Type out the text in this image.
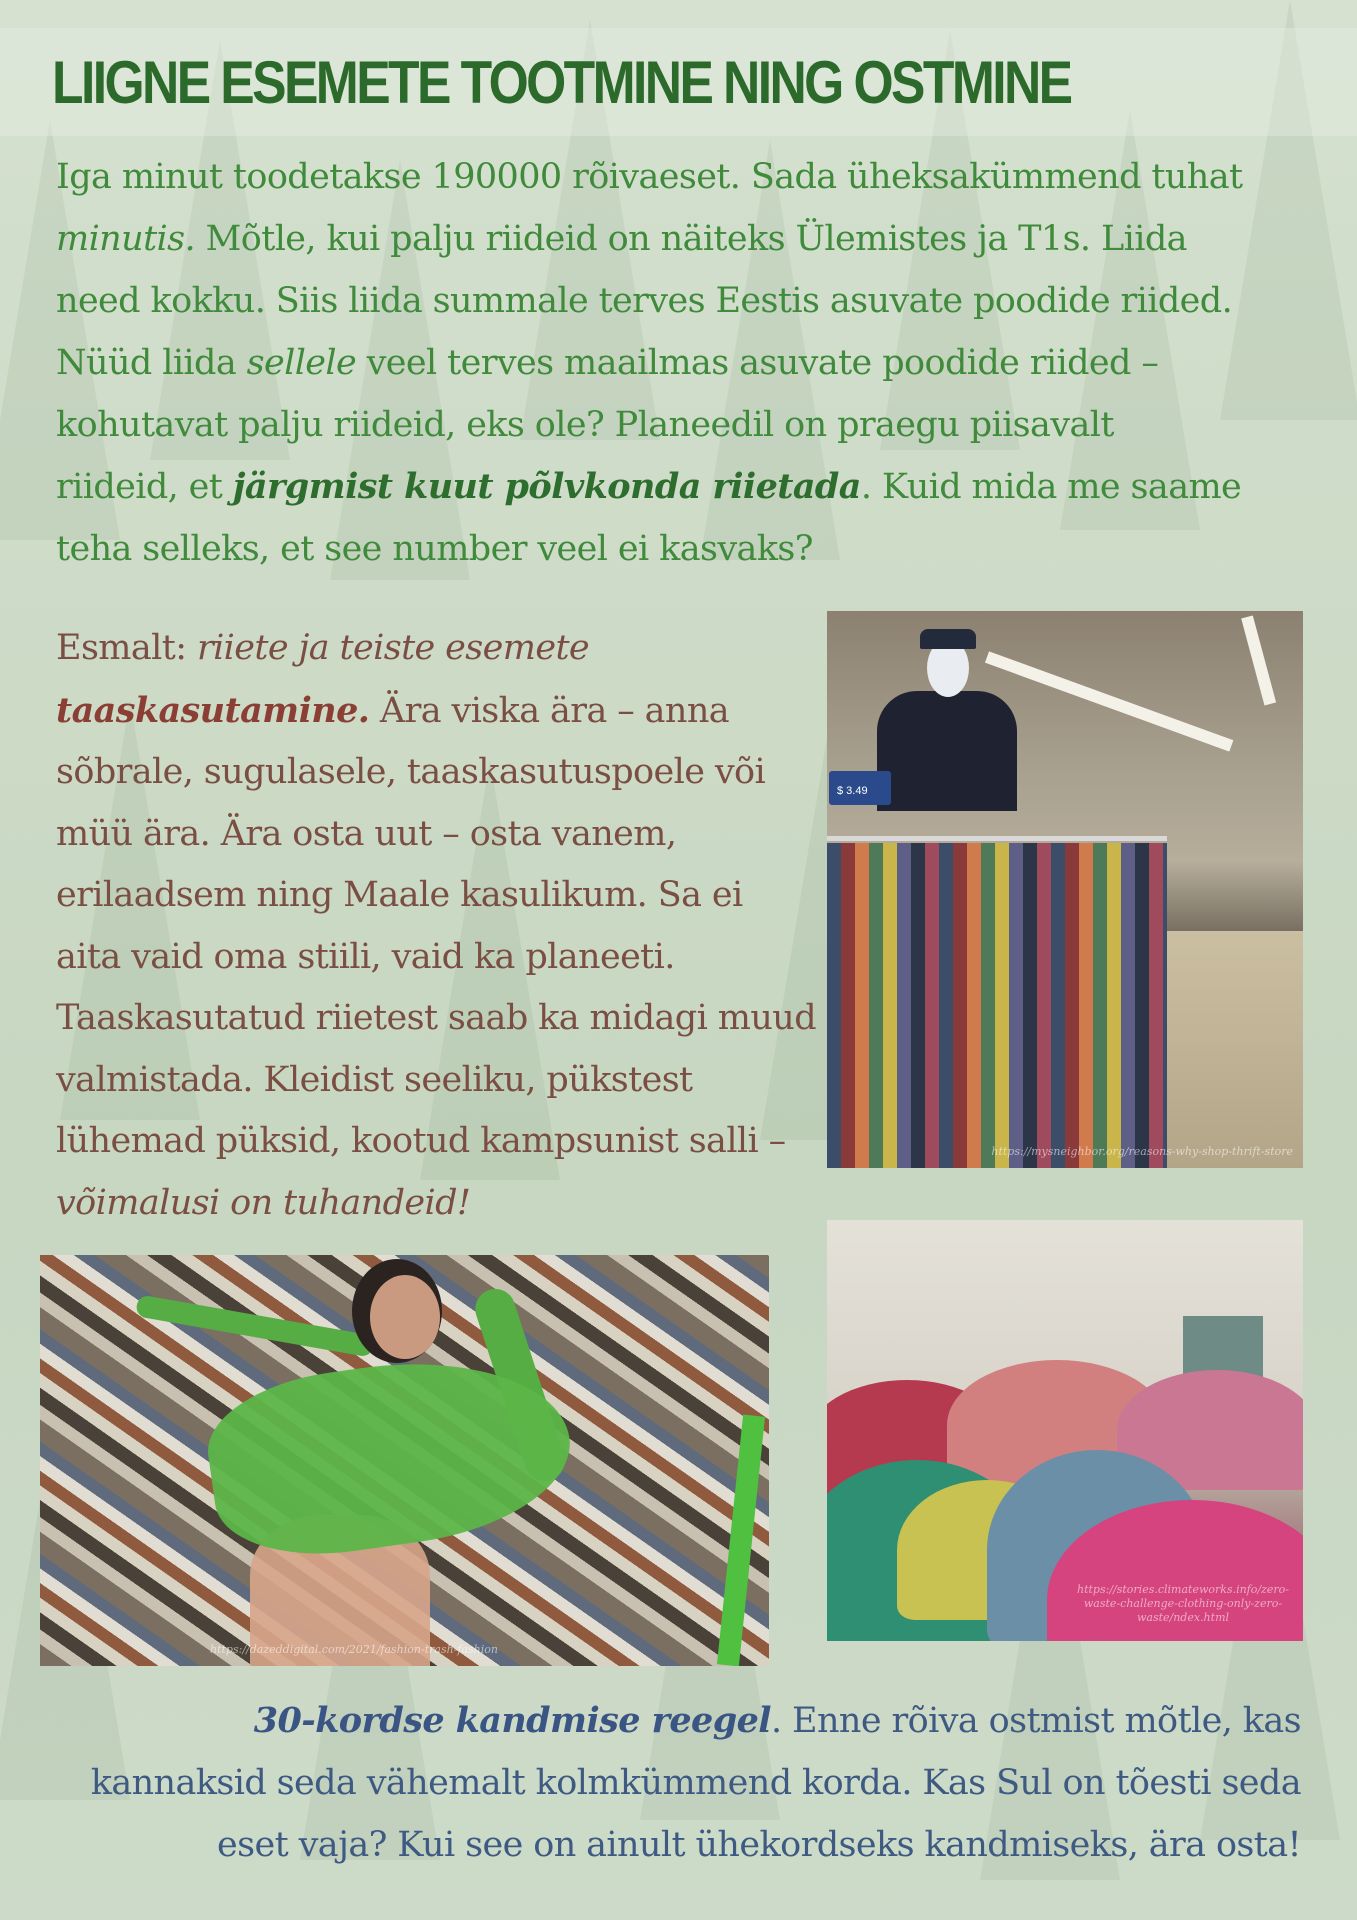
LIIGNE ESEMETE TOOTMINE NING OSTMINE

Iga minut toodetakse 190000 rõivaeset. Sada üheksakümmend tuhat minutis. Mõtle, kui palju riideid on näiteks Ülemistes ja T1s. Liida need kokku. Siis liida summale terves Eestis asuvate poodide riided. Nüüd liida sellele veel terves maailmas asuvate poodide riided – kohutavat palju riideid, eks ole? Planeedil on praegu piisavalt riideid, et järgmist kuut põlvkonda riietada. Kuid mida me saame teha selleks, et see number veel ei kasvaks?

Esmalt: riiete ja teiste esemete
taaskasutamine. Ära viska ära – anna sõbrale, sugulasele, taaskasutuspoele või müü ära. Ära osta uut – osta vanem, erilaadsem ning Maale kasulikum. Sa ei aita vaid oma stiili, vaid ka planeeti. Taaskasutatud riietest saab ka midagi muud valmistada. Kleidist seeliku, pükstest lühemad püksid, kootud kampsunist salli – võimalusi on tuhandeid!

$ 3.49
https://mysneighbor.org/reasons-why-shop-thrift-store
https://dazeddigital.com/2021/fashion-trash-fashion
https://stories.climateworks.info/zero-waste-challenge-clothing-only-zero-waste/ndex.html

30-kordse kandmise reegel. Enne rõiva ostmist mõtle, kas kannaksid seda vähemalt kolmkümmend korda. Kas Sul on tõesti seda eset vaja? Kui see on ainult ühekordseks kandmiseks, ära osta!
